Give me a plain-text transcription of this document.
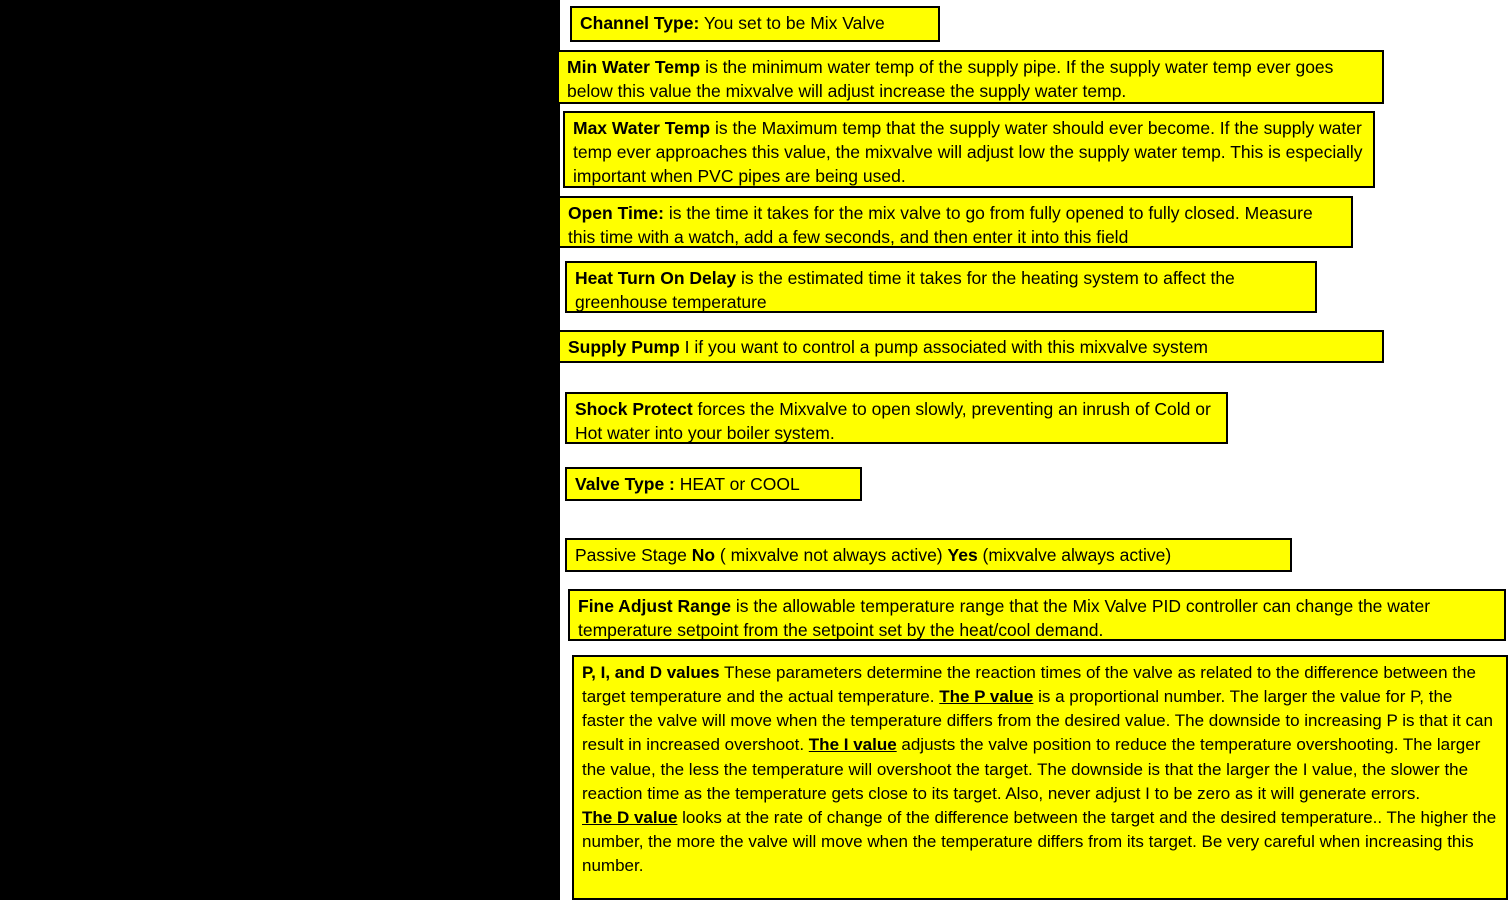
Ch	3	Chill	Mix Valve	↓
Air	InT	Min	45.00	F
WtrNot Set	Max	120.00	F
Open	0 h	0 m	42	s
Ht Delay:	0 h	0 m	0	s
Supply Pump:	None
Shock Protect	Disabled
if InT	< 140.00	F
Limit to	0	% Open
Valve type	Not Set
Passive Stage	No
Tune Range	80.00	F
Water PID
P 0.00	|I	0.00	|D 0.00
Intemp PID
P 1.00	|I	0.40	|D 0.40
Channel Type: You set to be Mix Valve
Min Water Temp is the minimum water temp of the supply pipe. If the supply water temp ever goes below this value the mixvalve will adjust increase the supply water temp.
Max Water Temp is the Maximum temp that the supply water should ever become. If the supply water temp ever approaches this value, the mixvalve will adjust low the supply water temp. This is especially important when PVC pipes are being used.
Open Time: is the time it takes for the mix valve to go from fully opened to fully closed. Measure this time with a watch, add a few seconds, and then enter it into this field
Heat Turn On Delay is the estimated time it takes for the heating system to affect the greenhouse temperature
Supply Pump I if you want to control a pump associated with this mixvalve system
Shock Protect forces the Mixvalve to open slowly, preventing an inrush of Cold or Hot water into your boiler system.
Valve Type : HEAT or COOL
Passive Stage No ( mixvalve not always active) Yes (mixvalve always active)
Fine Adjust Range is the allowable temperature range that the Mix Valve PID controller can change the water temperature setpoint from the setpoint set by the heat/cool demand.
P, I, and D values These parameters determine the reaction times of the valve as related to the difference between the target temperature and the actual temperature. The P value is a proportional number. The larger the value for P, the faster the valve will move when the temperature differs from the desired value. The downside to increasing P is that it can result in increased overshoot. The I value adjusts the valve position to reduce the temperature overshooting. The larger the value, the less the temperature will overshoot the target. The downside is that the larger the I value, the slower the reaction time as the temperature gets close to its target. Also, never adjust I to be zero as it will generate errors.
The D value looks at the rate of change of the difference between the target and the desired temperature.. The higher the number, the more the valve will move when the temperature differs from its target. Be very careful when increasing this number.
